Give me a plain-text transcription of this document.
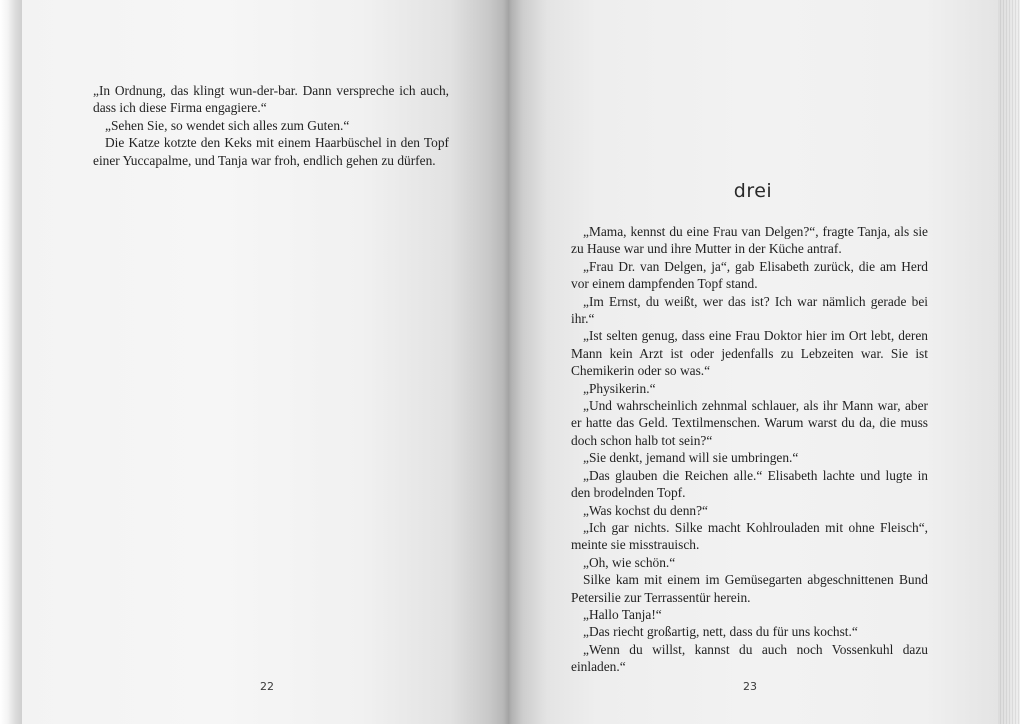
„In Ordnung, das klingt wun-der-bar. Dann verspreche ich auch, dass ich diese Firma engagiere.“

„Sehen Sie, so wendet sich alles zum Guten.“

Die Katze kotzte den Keks mit einem Haarbüschel in den Topf einer Yuccapalme, und Tanja war froh, endlich gehen zu dürfen.

22
drei

„Mama, kennst du eine Frau van Delgen?“, fragte Tanja, als sie zu Hause war und ihre Mutter in der Küche antraf.

„Frau Dr. van Delgen, ja“, gab Elisabeth zurück, die am Herd vor einem dampfenden Topf stand.

„Im Ernst, du weißt, wer das ist? Ich war nämlich gerade bei ihr.“

„Ist selten genug, dass eine Frau Doktor hier im Ort lebt, deren Mann kein Arzt ist oder jedenfalls zu Lebzeiten war. Sie ist Chemikerin oder so was.“

„Physikerin.“

„Und wahrscheinlich zehnmal schlauer, als ihr Mann war, aber er hatte das Geld. Textilmenschen. Warum warst du da, die muss doch schon halb tot sein?“

„Sie denkt, jemand will sie umbringen.“

„Das glauben die Reichen alle.“ Elisabeth lachte und lugte in den brodelnden Topf.

„Was kochst du denn?“

„Ich gar nichts. Silke macht Kohlrouladen mit ohne Fleisch“, meinte sie misstrauisch.

„Oh, wie schön.“

Silke kam mit einem im Gemüsegarten abgeschnittenen Bund Petersilie zur Terrassentür herein.

„Hallo Tanja!“

„Das riecht großartig, nett, dass du für uns kochst.“

„Wenn du willst, kannst du auch noch Vossenkuhl dazu einladen.“

23
